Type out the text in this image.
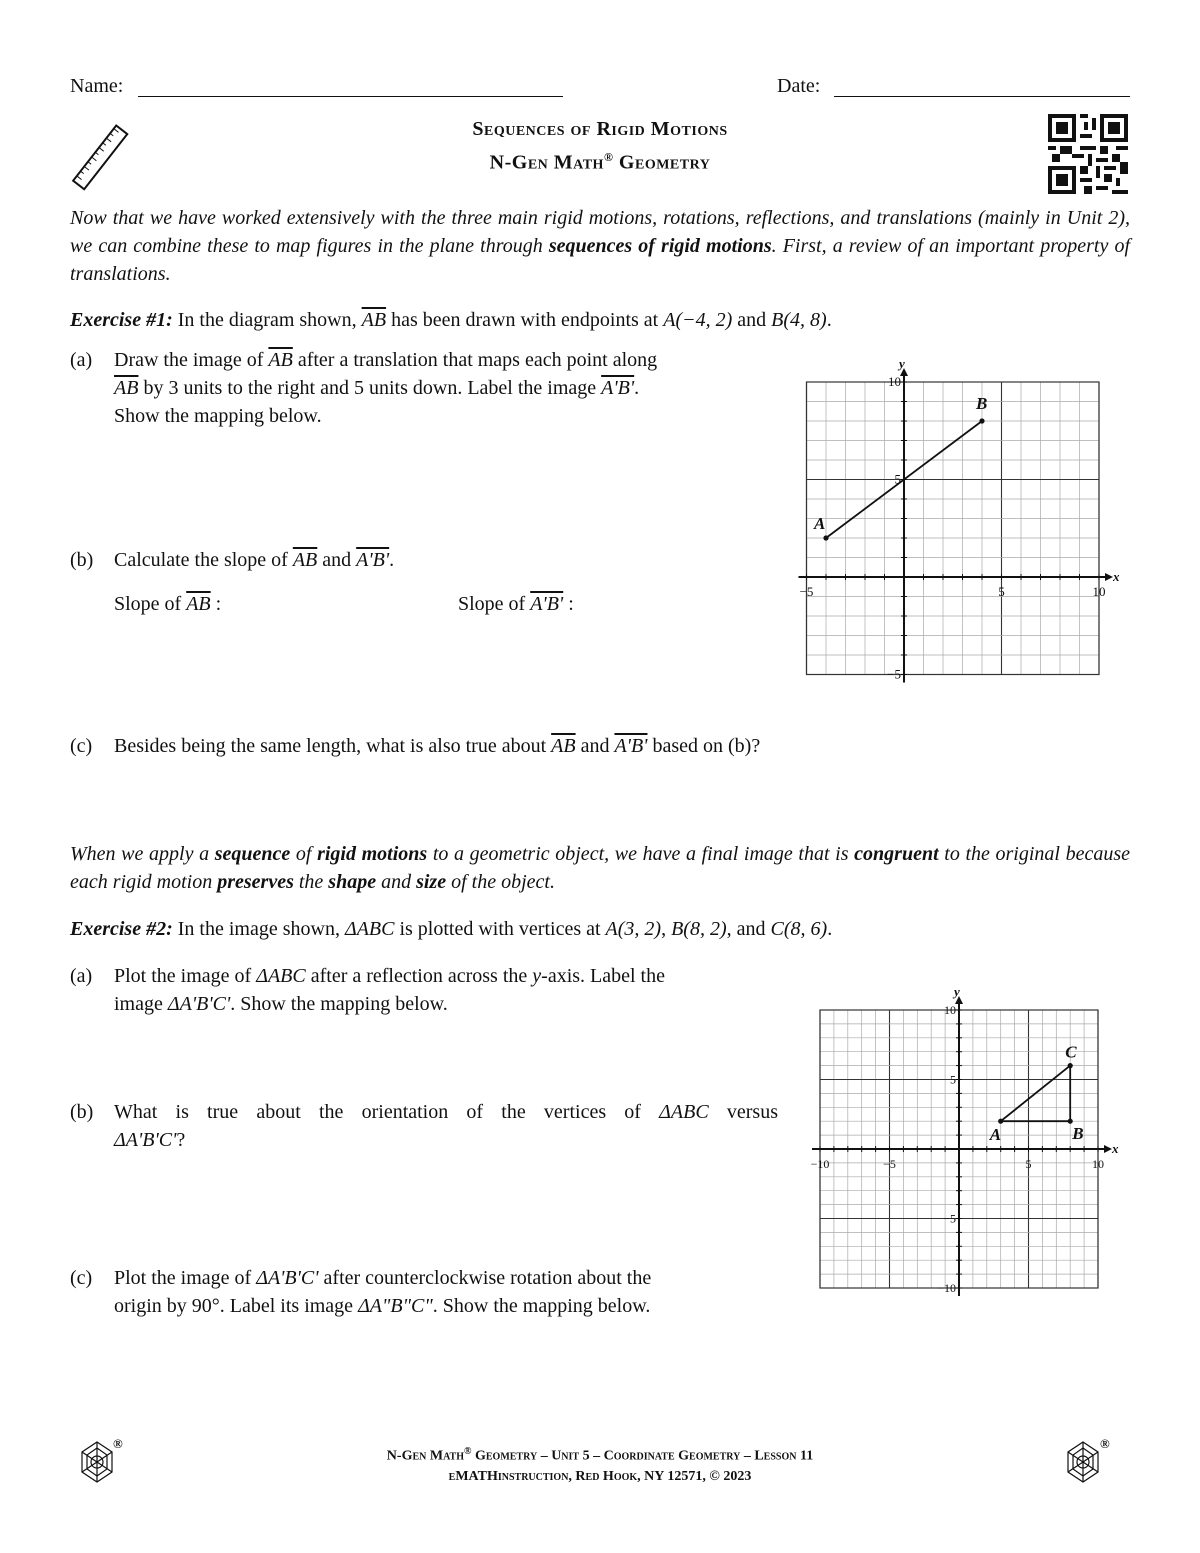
Name:	Date:
Sequences of Rigid Motions
N-Gen Math® Geometry
Now that we have worked extensively with the three main rigid motions, rotations, reflections, and translations (mainly in Unit 2), we can combine these to map figures in the plane through sequences of rigid motions. First, a review of an important property of translations.
Exercise #1: In the diagram shown, $\overline{AB}$ has been drawn with endpoints at A(−4, 2) and B(4, 8).
(a) Draw the image of $\overline{AB}$ after a translation that maps each point along
$\overline{AB}$ by 3 units to the right and 5 units down. Label the image A'B'.
Show the mapping below.
(b) Calculate the slope of $\overline{AB}$ and A'B'.
Slope of $\overline{AB}$ :	Slope of A'B' :
(c) Besides being the same length, what is also true about $\overline{AB}$ and A'B' based on (b)?
x
y
−5	5	10
10
5
−5
A
B
When we apply a sequence of rigid motions to a geometric object, we have a final image that is congruent to the original because each rigid motion preserves the shape and size of the object.
Exercise #2: In the image shown, ΔABC is plotted with vertices at A(3, 2), B(8, 2), and C(8, 6).
(a) Plot the image of ΔABC after a reflection across the y-axis. Label the
image ΔA'B'C'. Show the mapping below.
(b) What is true about the orientation of the vertices of ΔABC versus
ΔA'B'C'?
(c) Plot the image of ΔA'B'C' after counterclockwise rotation about the
origin by 90°. Label its image ΔA"B"C". Show the mapping below.
x
y
−10	−5	5	10
10
5
−5
−10
A	B
C
®
N-Gen Math® Geometry – Unit 5 – Coordinate Geometry – Lesson 11
eMATHinstruction, Red Hook, NY 12571, © 2023
®
